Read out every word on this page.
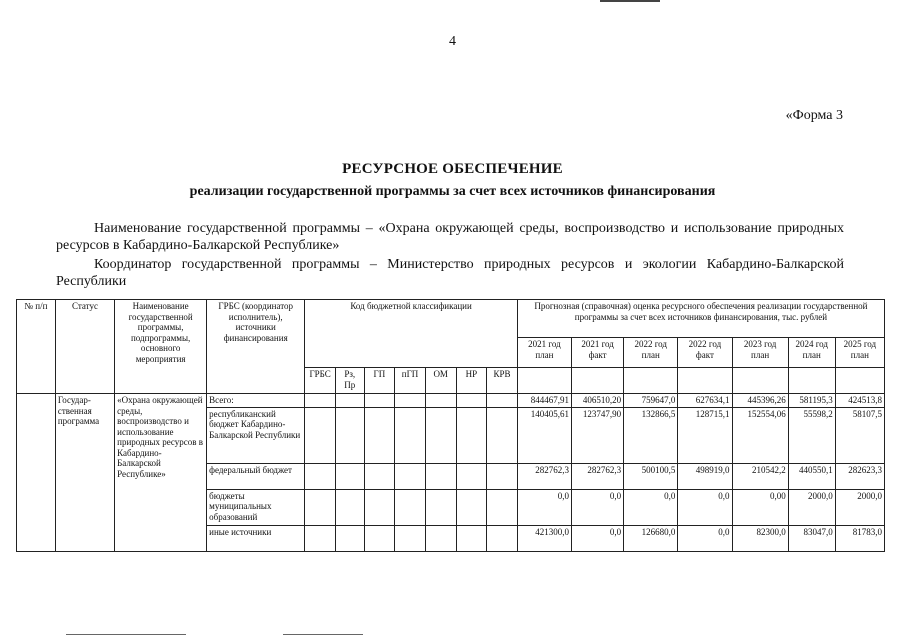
4
«Форма 3
РЕСУРСНОЕ ОБЕСПЕЧЕНИЕ
реализации государственной программы за счет всех источников финансирования
Наименование государственной программы – «Охрана окружающей среды, воспроизводство и использование природных ресурсов в Кабардино-Балкарской Республике»
Координатор государственной программы – Министерство природных ресурсов и экологии Кабардино-Балкарской Республики
№ п/п	Статус	Наименование государственной программы, подпрограммы, основного мероприятия	ГРБС (координатор исполнитель), источники финансирования	Код бюджетной классификации							Прогнозная (справочная) оценка ресурсного обеспечения реализации государственной программы за счет всех источников финансирования, тыс. рублей						
											2021 год план	2021 год факт	2022 год план	2022 год факт	2023 год план	2024 год план	2025 год план
				ГРБС	Рз, Пр	ГП	пГП	ОМ	НР	КРВ							
	Государ-ственная программа	«Охрана окружающей среды, воспроизводство и использование природных ресурсов в Кабардино-Балкарской Республике»	Всего:								844467,91	406510,20	759647,0	627634,1	445396,26	581195,3	424513,8
			республиканский бюджет Кабардино-Балкарской Республики								140405,61	123747,90	132866,5	128715,1	152554,06	55598,2	58107,5
			федеральный бюджет								282762,3	282762,3	500100,5	498919,0	210542,2	440550,1	282623,3
			бюджеты муниципальных образований								0,0	0,0	0,0	0,0	0,00	2000,0	2000,0
			иные источники								421300,0	0,0	126680,0	0,0	82300,0	83047,0	81783,0
